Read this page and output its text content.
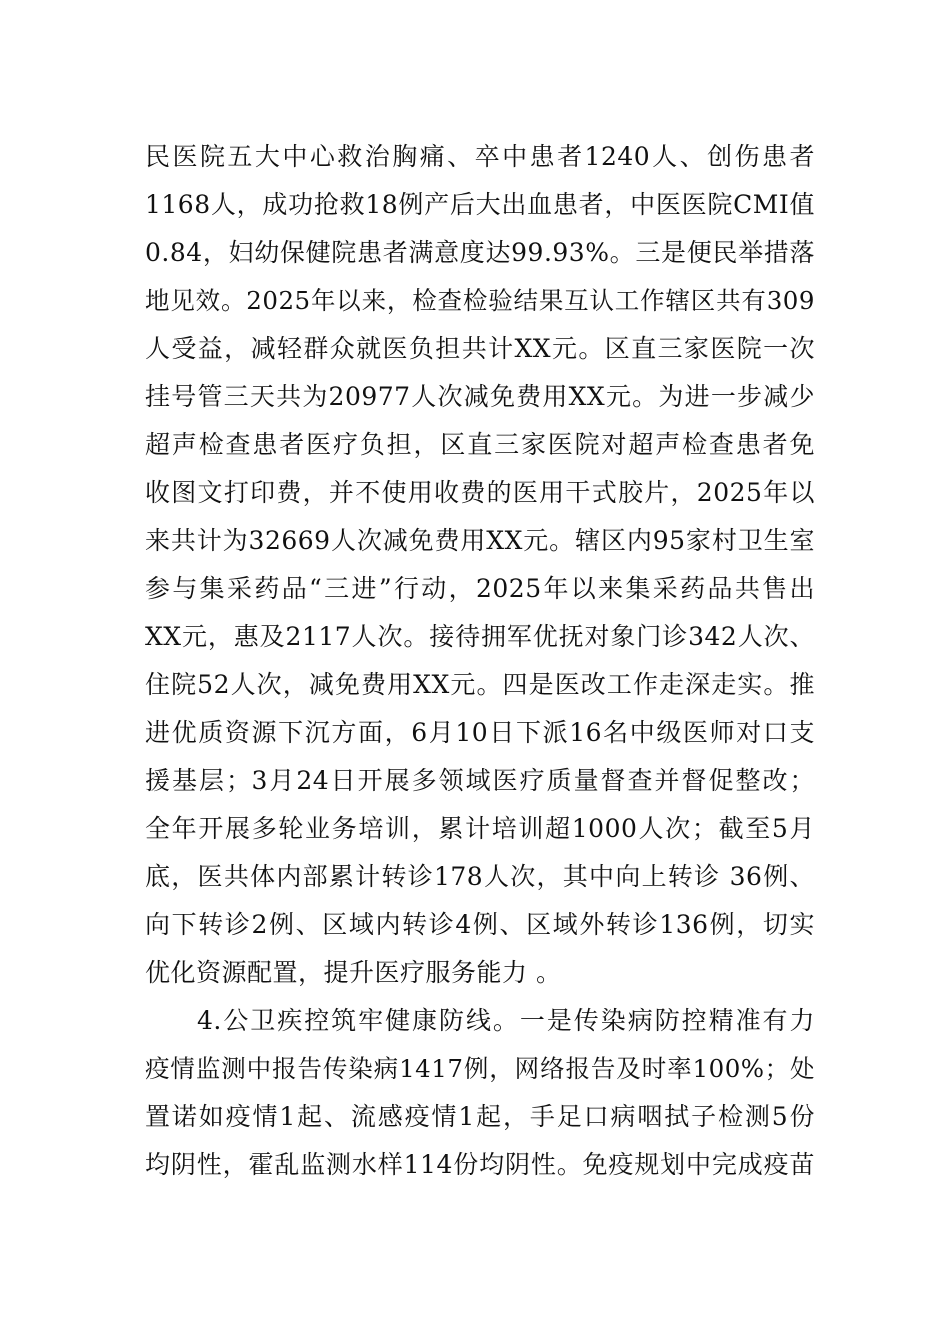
民医院五大中心救治胸痛、卒中患者1240人、创伤患者
1168人，成功抢救18例产后大出血患者，中医医院CMI值
0.84，妇幼保健院患者满意度达99.93%。三是便民举措落
地见效。2025年以来，检查检验结果互认工作辖区共有309
人受益，减轻群众就医负担共计XX元。区直三家医院一次
挂号管三天共为20977人次减免费用XX元。为进一步减少
超声检查患者医疗负担，区直三家医院对超声检查患者免
收图文打印费，并不使用收费的医用干式胶片，2025年以
来共计为32669人次减免费用XX元。辖区内95家村卫生室
参与集采药品“三进”行动，2025年以来集采药品共售出
XX元，惠及2117人次。接待拥军优抚对象门诊342人次、
住院52人次，减免费用XX元。四是医改工作走深走实。推
进优质资源下沉方面，6月10日下派16名中级医师对口支
援基层；3月24日开展多领域医疗质量督查并督促整改；
全年开展多轮业务培训，累计培训超1000人次；截至5月
底，医共体内部累计转诊178人次，其中向上转诊 36例、
向下转诊2例、区域内转诊4例、区域外转诊136例，切实
优化资源配置，提升医疗服务能力 。
4.公卫疾控筑牢健康防线。一是传染病防控精准有力
疫情监测中报告传染病1417例，网络报告及时率100%；处
置诺如疫情1起、流感疫情1起，手足口病咽拭子检测5份
均阴性，霍乱监测水样114份均阴性。免疫规划中完成疫苗
